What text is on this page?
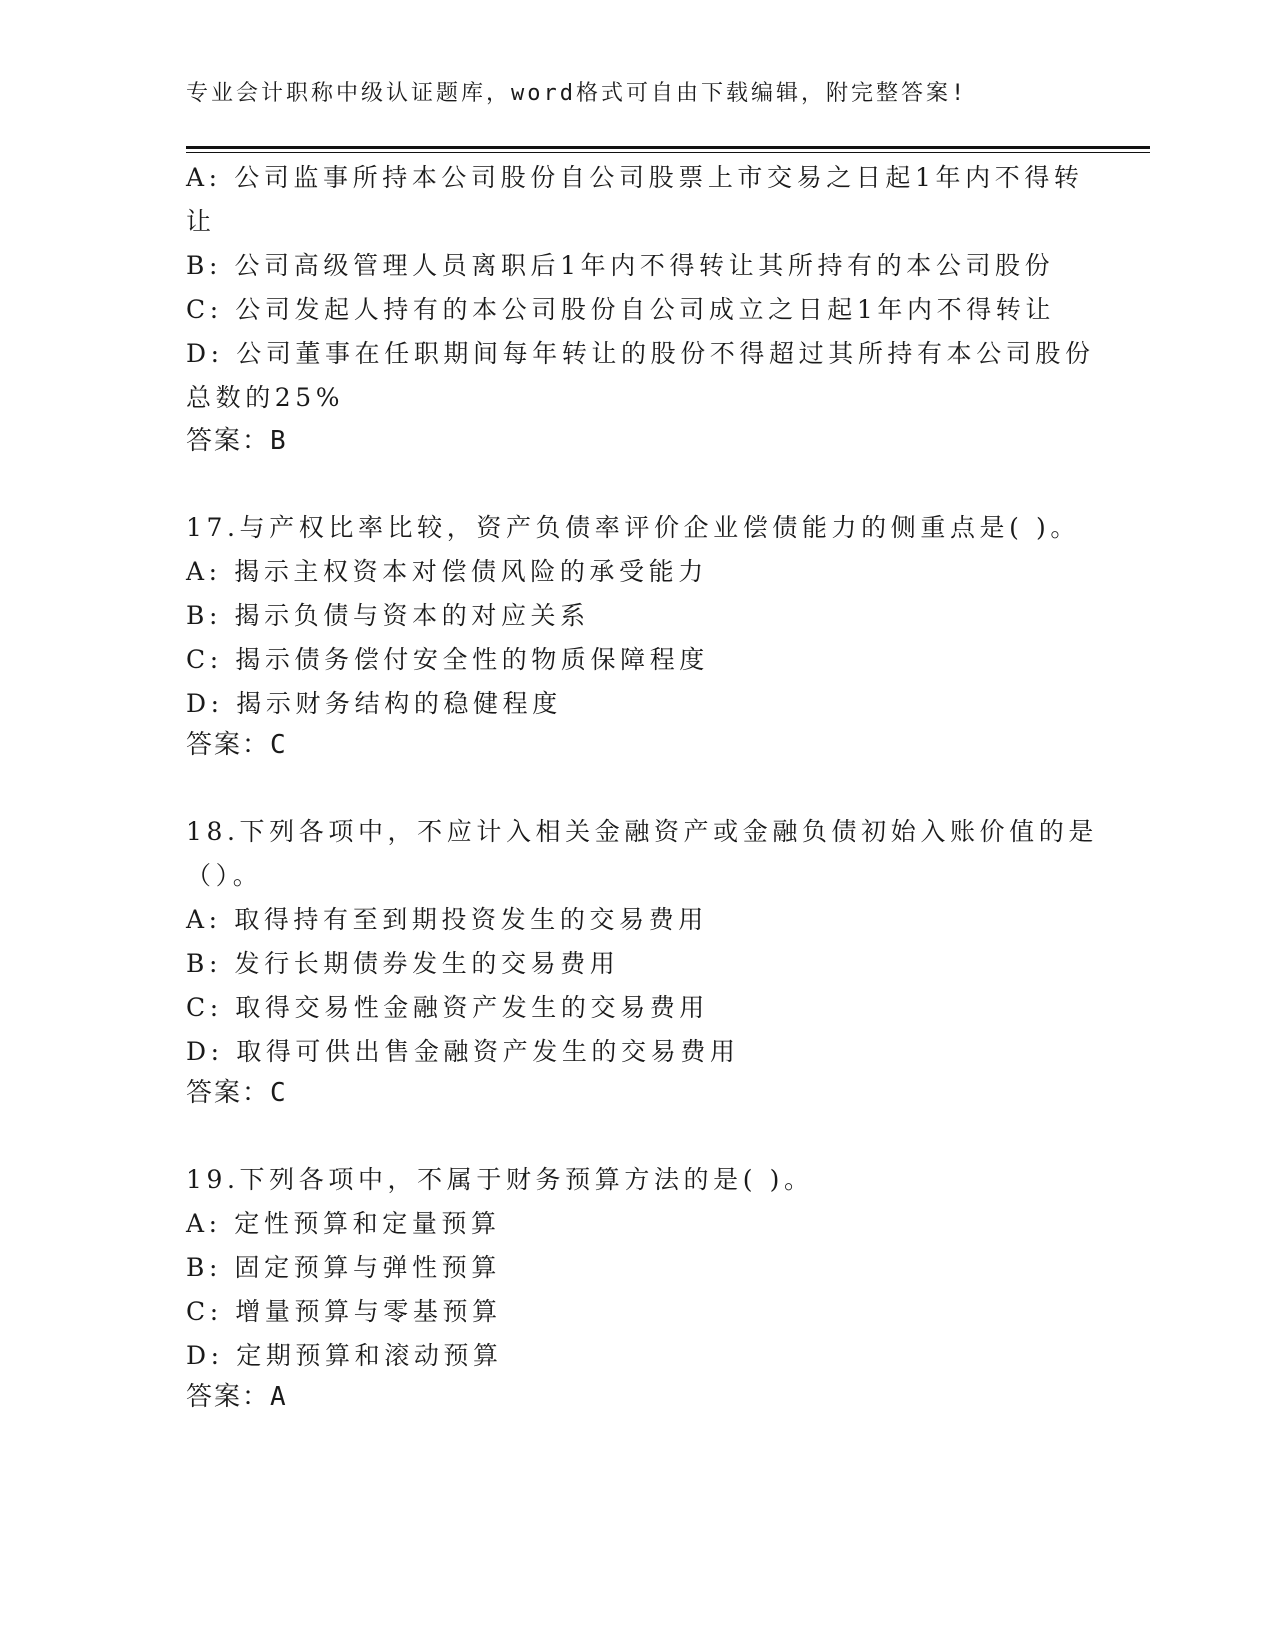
专业会计职称中级认证题库，word格式可自由下载编辑，附完整答案!
A: 公司监事所持本公司股份自公司股票上市交易之日起1年内不得转
让
B: 公司高级管理人员离职后1年内不得转让其所持有的本公司股份
C: 公司发起人持有的本公司股份自公司成立之日起1年内不得转让
D: 公司董事在任职期间每年转让的股份不得超过其所持有本公司股份
总数的25%
答案：B
17.与产权比率比较，资产负债率评价企业偿债能力的侧重点是( )。
A: 揭示主权资本对偿债风险的承受能力
B: 揭示负债与资本的对应关系
C: 揭示债务偿付安全性的物质保障程度
D: 揭示财务结构的稳健程度
答案：C
18.下列各项中，不应计入相关金融资产或金融负债初始入账价值的是
（）。
A: 取得持有至到期投资发生的交易费用
B: 发行长期债券发生的交易费用
C: 取得交易性金融资产发生的交易费用
D: 取得可供出售金融资产发生的交易费用
答案：C
19.下列各项中，不属于财务预算方法的是( )。
A: 定性预算和定量预算
B: 固定预算与弹性预算
C: 增量预算与零基预算
D: 定期预算和滚动预算
答案：A
